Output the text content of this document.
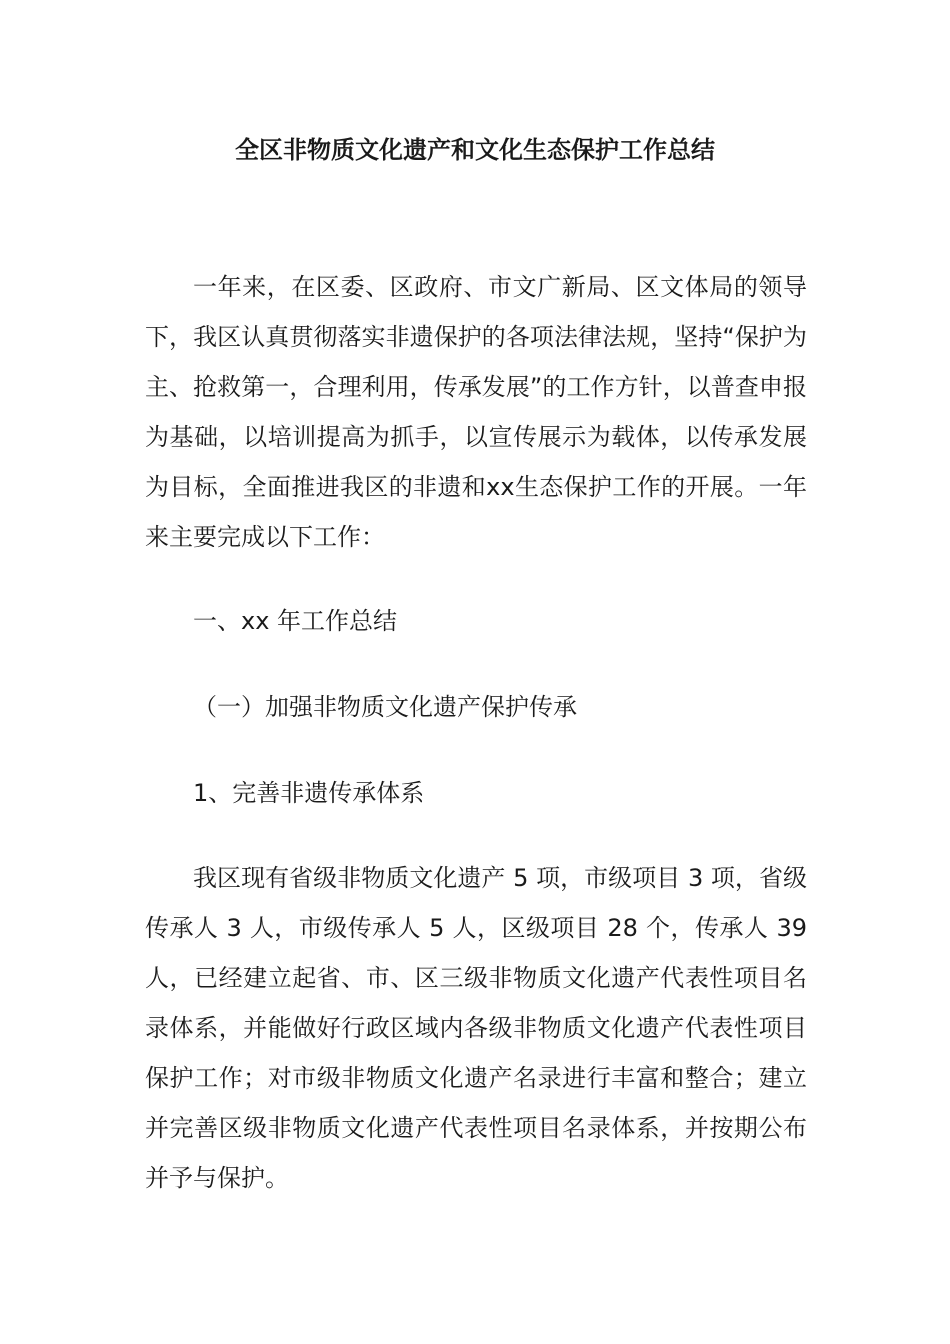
全区非物质文化遗产和文化生态保护工作总结

一年来，在区委、区政府、市文广新局、区文体局的领导下，我区认真贯彻落实非遗保护的各项法律法规，坚持“保护为主、抢救第一，合理利用，传承发展”的工作方针，以普查申报为基础，以培训提高为抓手，以宣传展示为载体，以传承发展为目标，全面推进我区的非遗和xx生态保护工作的开展。一年来主要完成以下工作：

一、xx 年工作总结

（一）加强非物质文化遗产保护传承

1、完善非遗传承体系

我区现有省级非物质文化遗产 5 项，市级项目 3 项，省级传承人 3 人，市级传承人 5 人，区级项目 28 个，传承人 39 人，已经建立起省、市、区三级非物质文化遗产代表性项目名录体系，并能做好行政区域内各级非物质文化遗产代表性项目保护工作；对市级非物质文化遗产名录进行丰富和整合；建立并完善区级非物质文化遗产代表性项目名录体系，并按期公布并予与保护。
